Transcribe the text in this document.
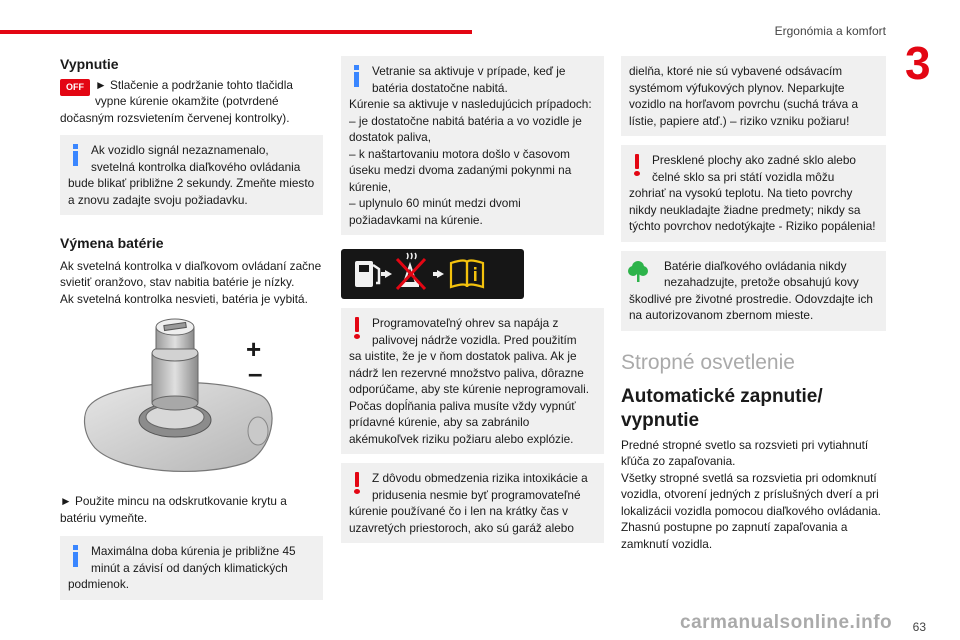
Ergonómia a komfort
3
Vypnutie
OFF ► Stlačenie a podržanie tohto tlačidla vypne kúrenie okamžite (potvrdené
dočasným rozsvietením červenej kontrolky).
Ak vozidlo signál nezaznamenalo, svetelná kontrolka diaľkového ovládania
bude blikať približne 2 sekundy. Zmeňte miesto a znovu zadajte svoju požiadavku.
Výmena batérie
Ak svetelná kontrolka v diaľkovom ovládaní začne svietiť oranžovo, stav nabitia batérie je nízky.
Ak svetelná kontrolka nesvieti, batéria je vybitá.
+
–
► Použite mincu na odskrutkovanie krytu a batériu vymeňte.
Maximálna doba kúrenia je približne 45 minút a závisí od daných klimatických
podmienok.
Vetranie sa aktivuje v prípade, keď je batéria dostatočne nabitá.
Kúrenie sa aktivuje v nasledujúcich prípadoch:
– je dostatočne nabitá batéria a vo vozidle je dostatok paliva,
– k naštartovaniu motora došlo v časovom úseku medzi dvoma zadanými pokynmi na kúrenie,
– uplynulo 60 minút medzi dvomi požiadavkami na kúrenie.
Programovateľný ohrev sa napája z palivovej nádrže vozidla. Pred použitím
sa uistite, že je v ňom dostatok paliva. Ak je nádrž len rezervné množstvo paliva, dôrazne odporúčame, aby ste kúrenie neprogramovali. Počas dopĺňania paliva musíte vždy vypnúť prídavné kúrenie, aby sa zabránilo akémukoľvek riziku požiaru alebo explózie.
Z dôvodu obmedzenia rizika intoxikácie a pridusenia nesmie byť programovateľné
kúrenie používané čo i len na krátky čas v uzavretých priestoroch, ako sú garáž alebo
dielňa, ktoré nie sú vybavené odsávacím systémom výfukových plynov. Neparkujte vozidlo na horľavom povrchu (suchá tráva a lístie, papiere atď.) – riziko vzniku požiaru!
Presklené plochy ako zadné sklo alebo čelné sklo sa pri státí vozidla môžu
zohriať na vysokú teplotu. Na tieto povrchy nikdy neukladajte žiadne predmety; nikdy sa týchto povrchov nedotýkajte - Riziko popálenia!
Batérie diaľkového ovládania nikdy nezahadzujte, pretože obsahujú kovy
škodlivé pre životné prostredie. Odovzdajte ich na autorizovanom zbernom mieste.
Stropné osvetlenie
Automatické zapnutie/ vypnutie
Predné stropné svetlo sa rozsvieti pri vytiahnutí kľúča zo zapaľovania.
Všetky stropné svetlá sa rozsvietia pri odomknutí vozidla, otvorení jedných z príslušných dverí a pri lokalizácii vozidla pomocou diaľkového ovládania.
Zhasnú postupne po zapnutí zapaľovania a zamknutí vozidla.
carmanualsonline.info 63
